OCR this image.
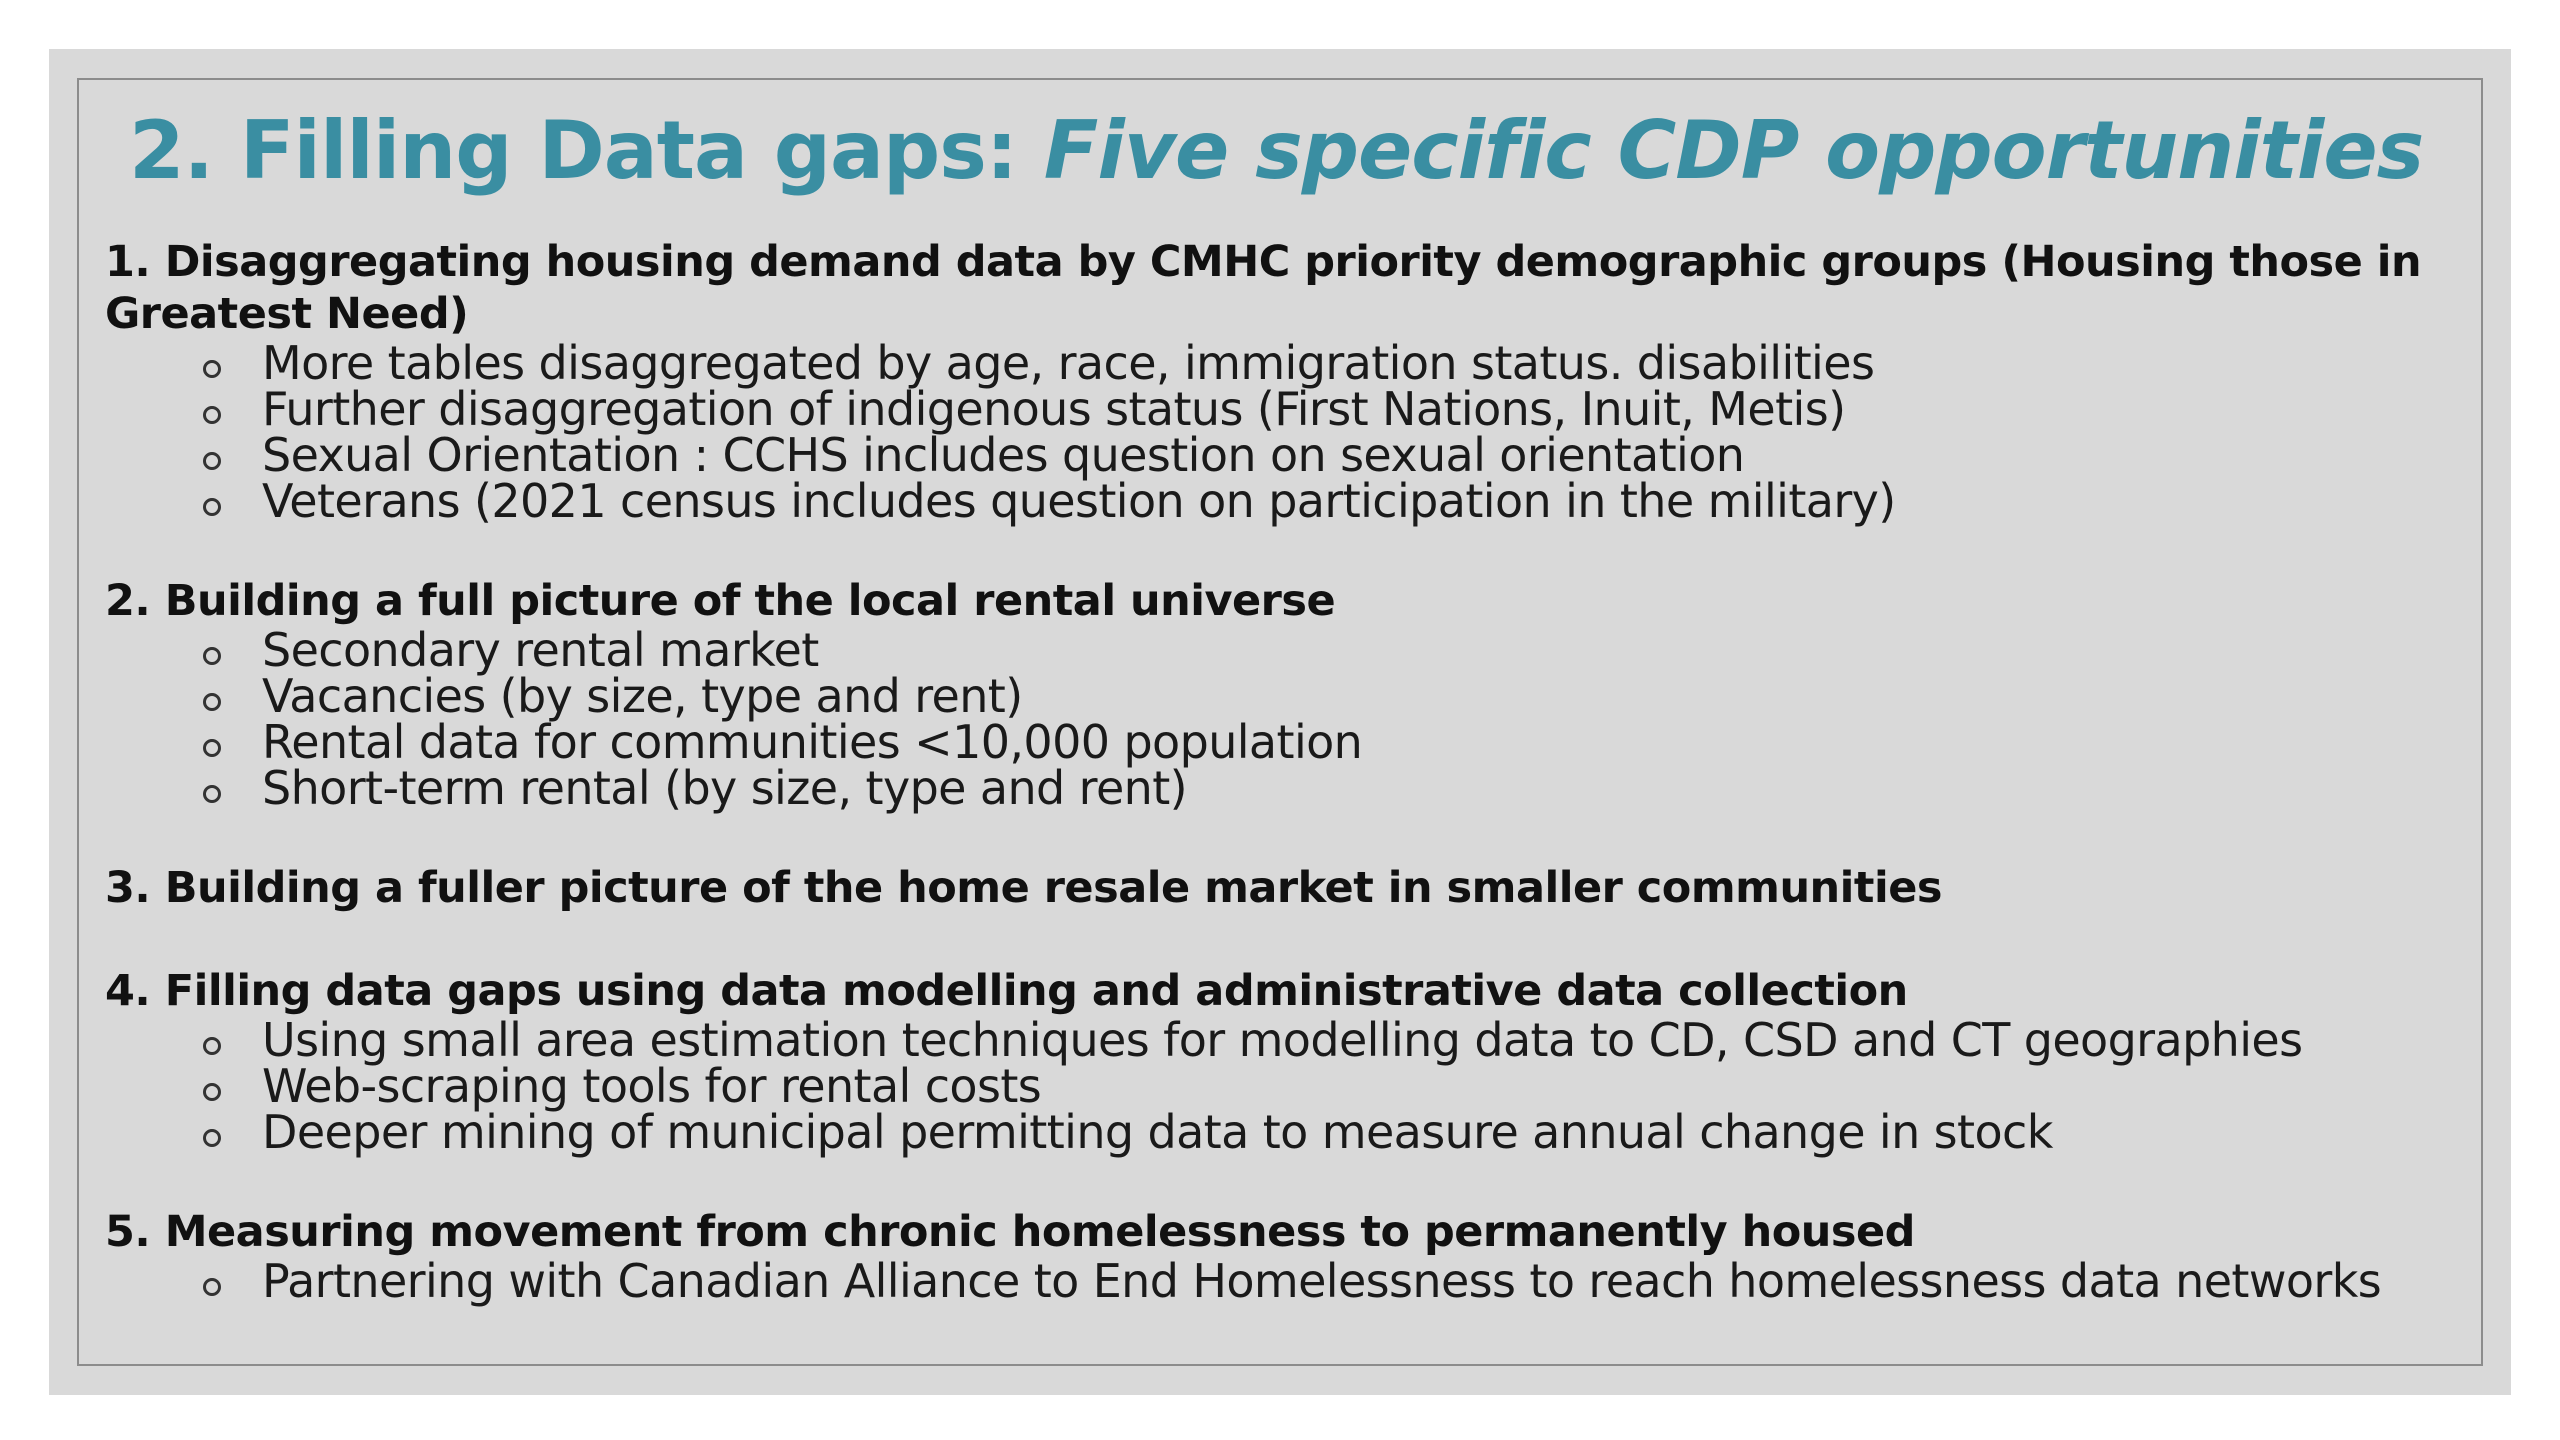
2. Filling Data gaps: Five specific CDP opportunities

1. Disaggregating housing demand data by CMHC priority demographic groups (Housing those in Greatest Need)

More tables disaggregated by age, race, immigration status. disabilities
Further disaggregation of indigenous status (First Nations, Inuit, Metis)
Sexual Orientation : CCHS includes question on sexual orientation
Veterans (2021 census includes question on participation in the military)

2. Building a full picture of the local rental universe

Secondary rental market
Vacancies (by size, type and rent)
Rental data for communities <10,000 population
Short-term rental (by size, type and rent)

3. Building a fuller picture of the home resale market in smaller communities

4. Filling data gaps using data modelling and administrative data collection

Using small area estimation techniques for modelling data to CD, CSD and CT geographies
Web-scraping tools for rental costs
Deeper mining of municipal permitting data to measure annual change in stock

5. Measuring movement from chronic homelessness to permanently housed

Partnering with Canadian Alliance to End Homelessness to reach homelessness data networks
